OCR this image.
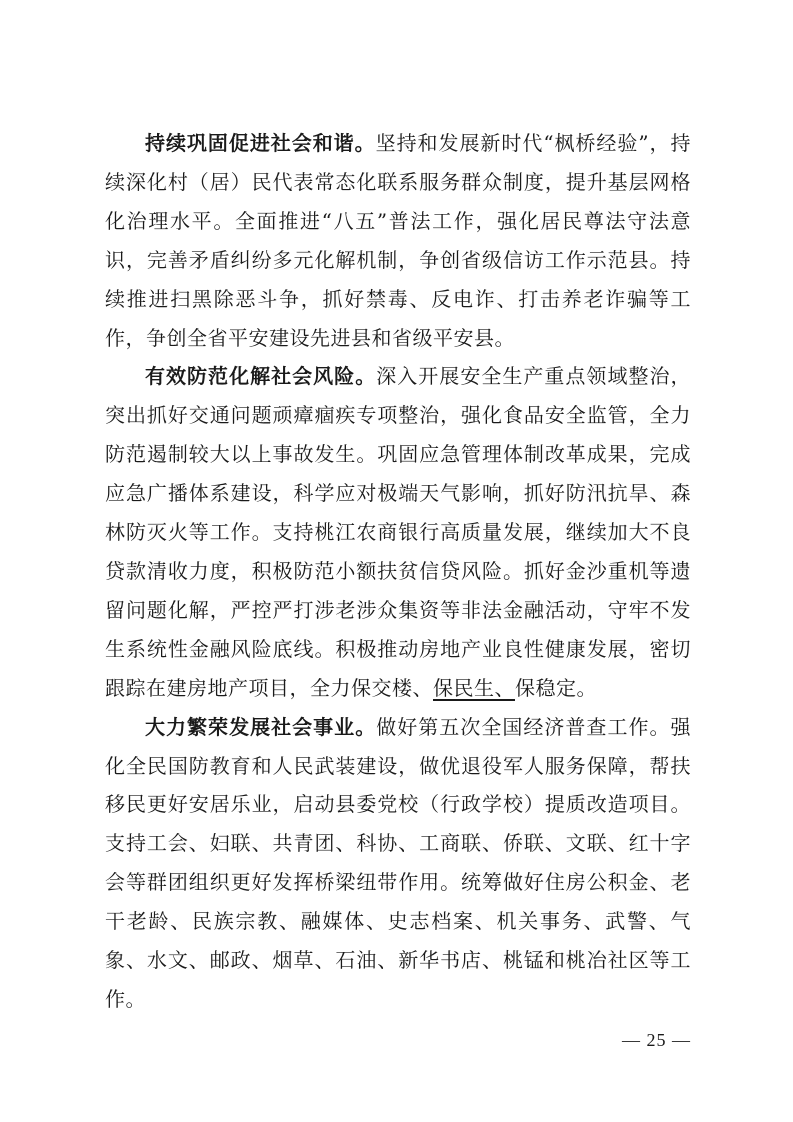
持续巩固促进社会和谐。坚持和发展新时代“枫桥经验”，持续深化村（居）民代表常态化联系服务群众制度，提升基层网格化治理水平。全面推进“八五”普法工作，强化居民尊法守法意识，完善矛盾纠纷多元化解机制，争创省级信访工作示范县。持续推进扫黑除恶斗争，抓好禁毒、反电诈、打击养老诈骗等工作，争创全省平安建设先进县和省级平安县。

有效防范化解社会风险。深入开展安全生产重点领域整治，突出抓好交通问题顽瘴痼疾专项整治，强化食品安全监管，全力防范遏制较大以上事故发生。巩固应急管理体制改革成果，完成应急广播体系建设，科学应对极端天气影响，抓好防汛抗旱、森林防灭火等工作。支持桃江农商银行高质量发展，继续加大不良贷款清收力度，积极防范小额扶贫信贷风险。抓好金沙重机等遗留问题化解，严控严打涉老涉众集资等非法金融活动，守牢不发生系统性金融风险底线。积极推动房地产业良性健康发展，密切跟踪在建房地产项目，全力保交楼、保民生、保稳定。

大力繁荣发展社会事业。做好第五次全国经济普查工作。强化全民国防教育和人民武装建设，做优退役军人服务保障，帮扶移民更好安居乐业，启动县委党校（行政学校）提质改造项目。支持工会、妇联、共青团、科协、工商联、侨联、文联、红十字会等群团组织更好发挥桥梁纽带作用。统筹做好住房公积金、老干老龄、民族宗教、融媒体、史志档案、机关事务、武警、气象、水文、邮政、烟草、石油、新华书店、桃锰和桃冶社区等工作。

— 25 —
